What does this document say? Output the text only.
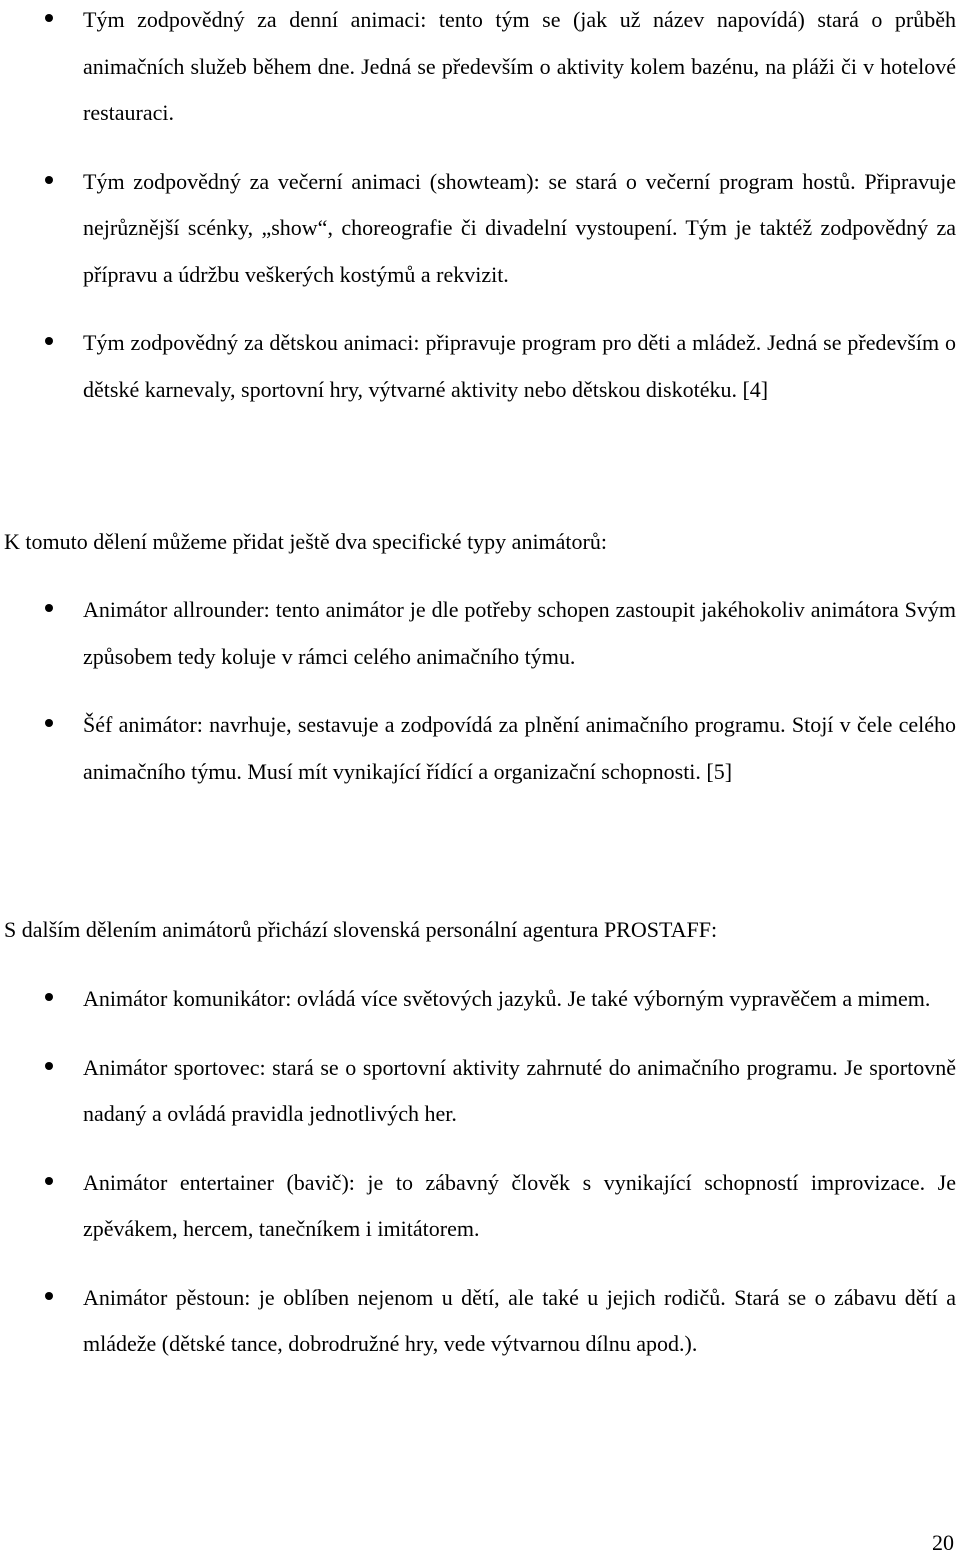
Tým zodpovědný za denní animaci: tento tým se (jak už název napovídá) stará o průběh animačních služeb během dne. Jedná se především o aktivity kolem bazénu, na pláži či v hotelové restauraci.
Tým zodpovědný za večerní animaci (showteam): se stará o večerní program hostů. Připravuje nejrůznější scénky, „show“, choreografie či divadelní vystoupení. Tým je taktéž zodpovědný za přípravu a údržbu veškerých kostýmů a rekvizit.
Tým zodpovědný za dětskou animaci: připravuje program pro děti a mládež. Jedná se především o dětské karnevaly, sportovní hry, výtvarné aktivity nebo dětskou diskotéku. [4]

K tomuto dělení můžeme přidat ještě dva specifické typy animátorů:

Animátor allrounder: tento animátor je dle potřeby schopen zastoupit jakéhokoliv animátora Svým způsobem tedy koluje v rámci celého animačního týmu.
Šéf animátor: navrhuje, sestavuje a zodpovídá za plnění animačního programu. Stojí v čele celého animačního týmu. Musí mít vynikající řídící a organizační schopnosti. [5]

S dalším dělením animátorů přichází slovenská personální agentura PROSTAFF:

Animátor komunikátor: ovládá více světových jazyků. Je také výborným vypravěčem a mimem.
Animátor sportovec: stará se o sportovní aktivity zahrnuté do animačního programu. Je sportovně nadaný a ovládá pravidla jednotlivých her.
Animátor entertainer (bavič): je to zábavný člověk s vynikající schopností improvizace. Je zpěvákem, hercem, tanečníkem i imitátorem.
Animátor pěstoun: je oblíben nejenom u dětí, ale také u jejich rodičů. Stará se o zábavu dětí a mládeže (dětské tance, dobrodružné hry, vede výtvarnou dílnu apod.).
20
